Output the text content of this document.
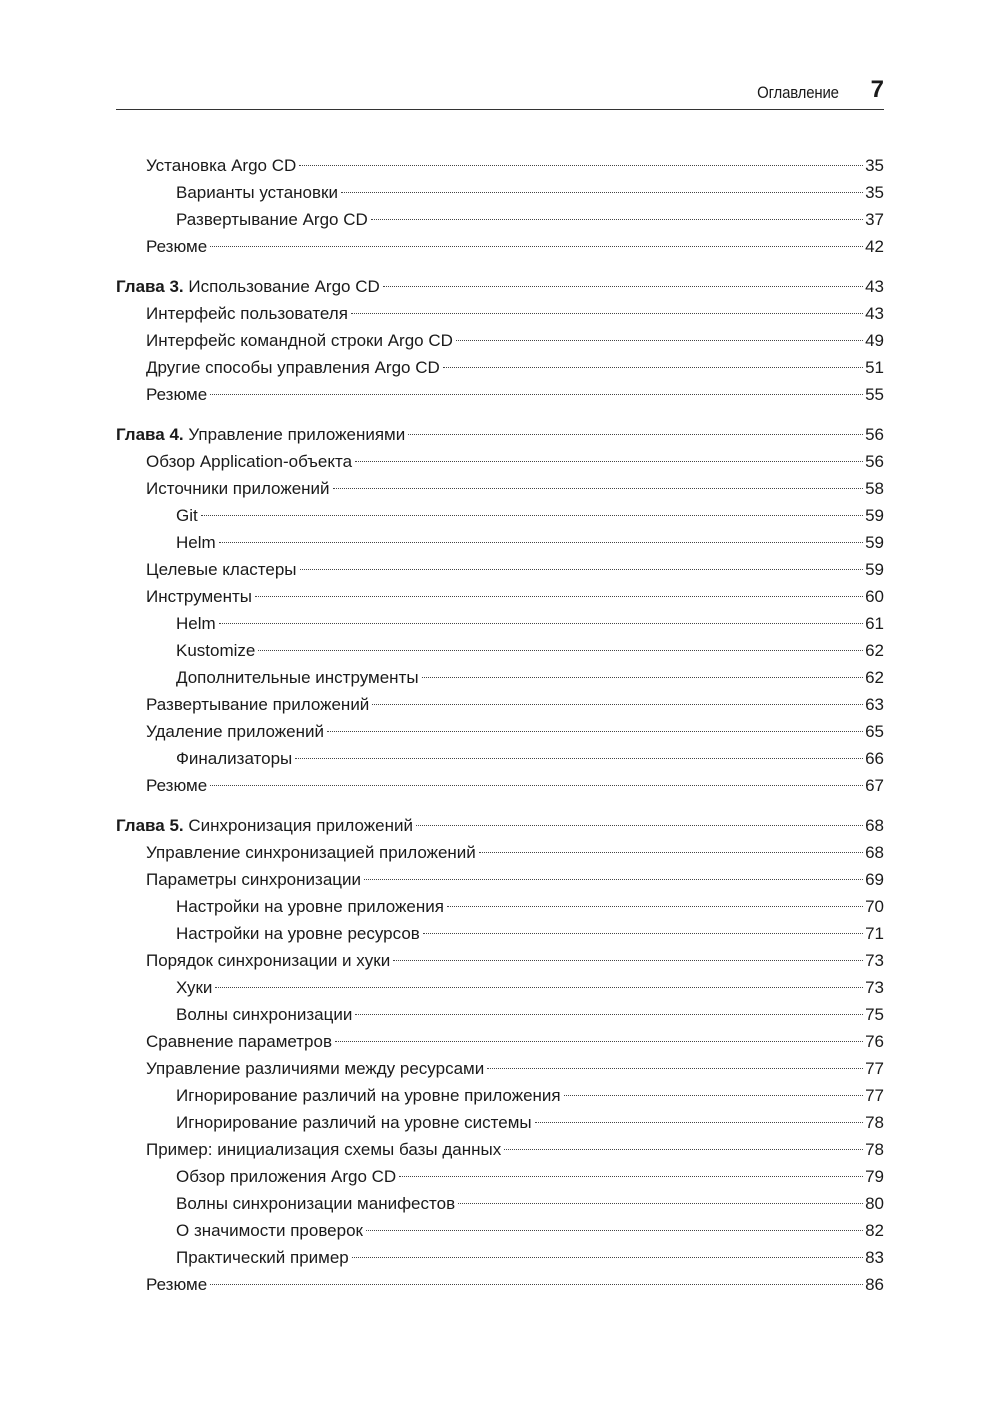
Оглавление 7
Установка Argo CD	35
Варианты установки	35
Развертывание Argo CD	37
Резюме	42
Глава 3. Использование Argo CD	43
Интерфейс пользователя	43
Интерфейс командной строки Argo CD	49
Другие способы управления Argo CD	51
Резюме	55
Глава 4. Управление приложениями	56
Обзор Application-объекта	56
Источники приложений	58
Git	59
Helm	59
Целевые кластеры	59
Инструменты	60
Helm	61
Kustomize	62
Дополнительные инструменты	62
Развертывание приложений	63
Удаление приложений	65
Финализаторы	66
Резюме	67
Глава 5. Синхронизация приложений	68
Управление синхронизацией приложений	68
Параметры синхронизации	69
Настройки на уровне приложения	70
Настройки на уровне ресурсов	71
Порядок синхронизации и хуки	73
Хуки	73
Волны синхронизации	75
Сравнение параметров	76
Управление различиями между ресурсами	77
Игнорирование различий на уровне приложения	77
Игнорирование различий на уровне системы	78
Пример: инициализация схемы базы данных	78
Обзор приложения Argo CD	79
Волны синхронизации манифестов	80
О значимости проверок	82
Практический пример	83
Резюме	86
